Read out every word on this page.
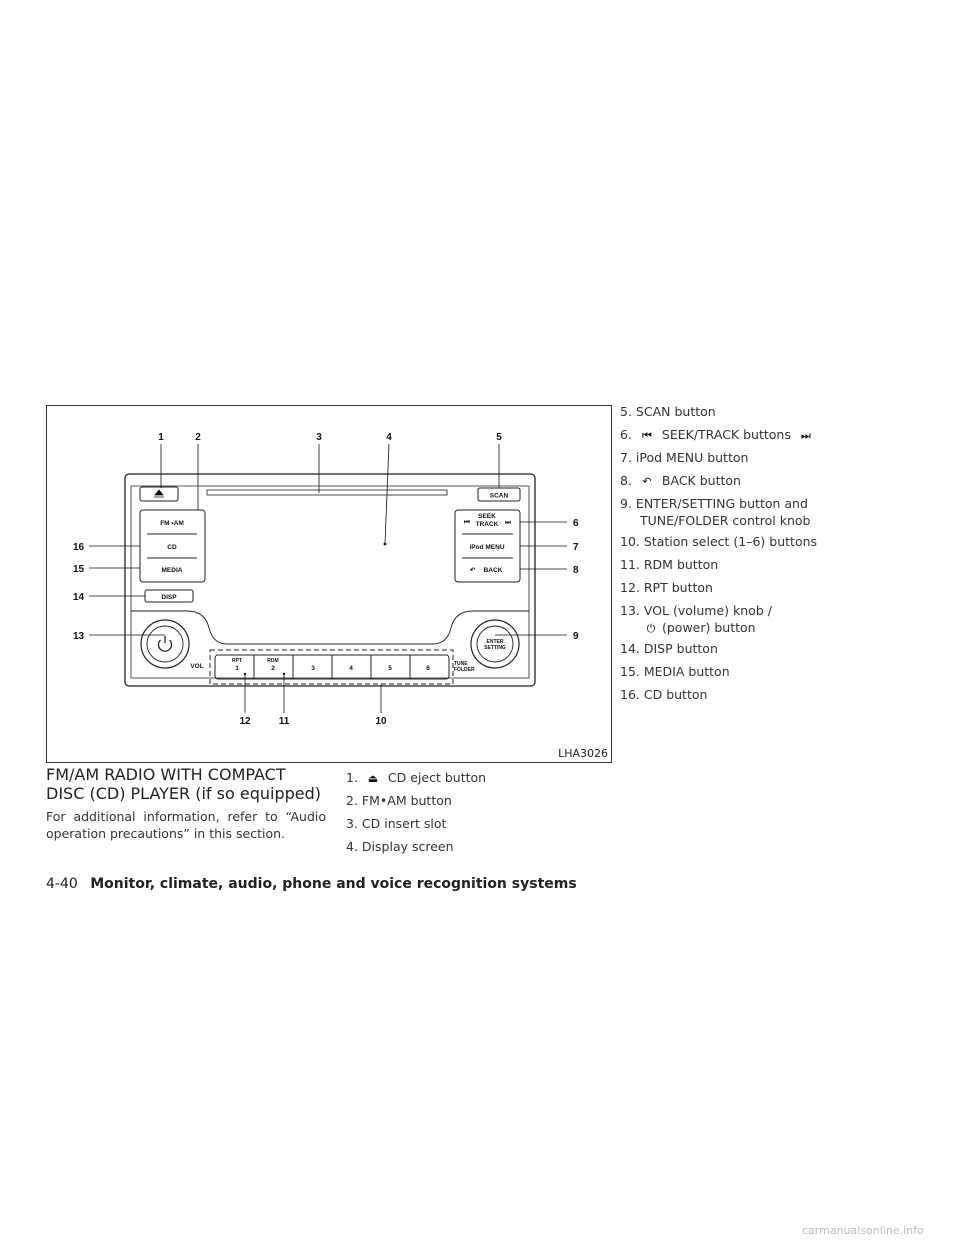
SCAN
FM •AM
CD
MEDIA
SEEK
TRACK
⏮	⏭
iPod MENU
↶ BACK
DISP
VOL
ENTER
SETTING
TUNE
FOLDER
RPT	RDM
1	2	3	4	5	6
1	2	3	4	5
6
7
8
9
10
11
12
13
14
15
16
LHA3026
FM/AM RADIO WITH COMPACT
DISC (CD) PLAYER (if so equipped)
For additional information, refer to “Audio operation precautions” in this section.
1. ⏏ CD eject button
2. FM•AM button
3. CD insert slot
4. Display screen
5. SCAN button
6. ⏮ SEEK/TRACK buttons ⏭
7. iPod MENU button
8. ↶ BACK button
9. ENTER/SETTING button and
TUNE/FOLDER control knob
10. Station select (1–6) buttons
11. RDM button
12. RPT button
13. VOL (volume) knob /
⏻ (power) button
14. DISP button
15. MEDIA button
16. CD button
4-40 Monitor, climate, audio, phone and voice recognition systems
carmanualsonline.info
